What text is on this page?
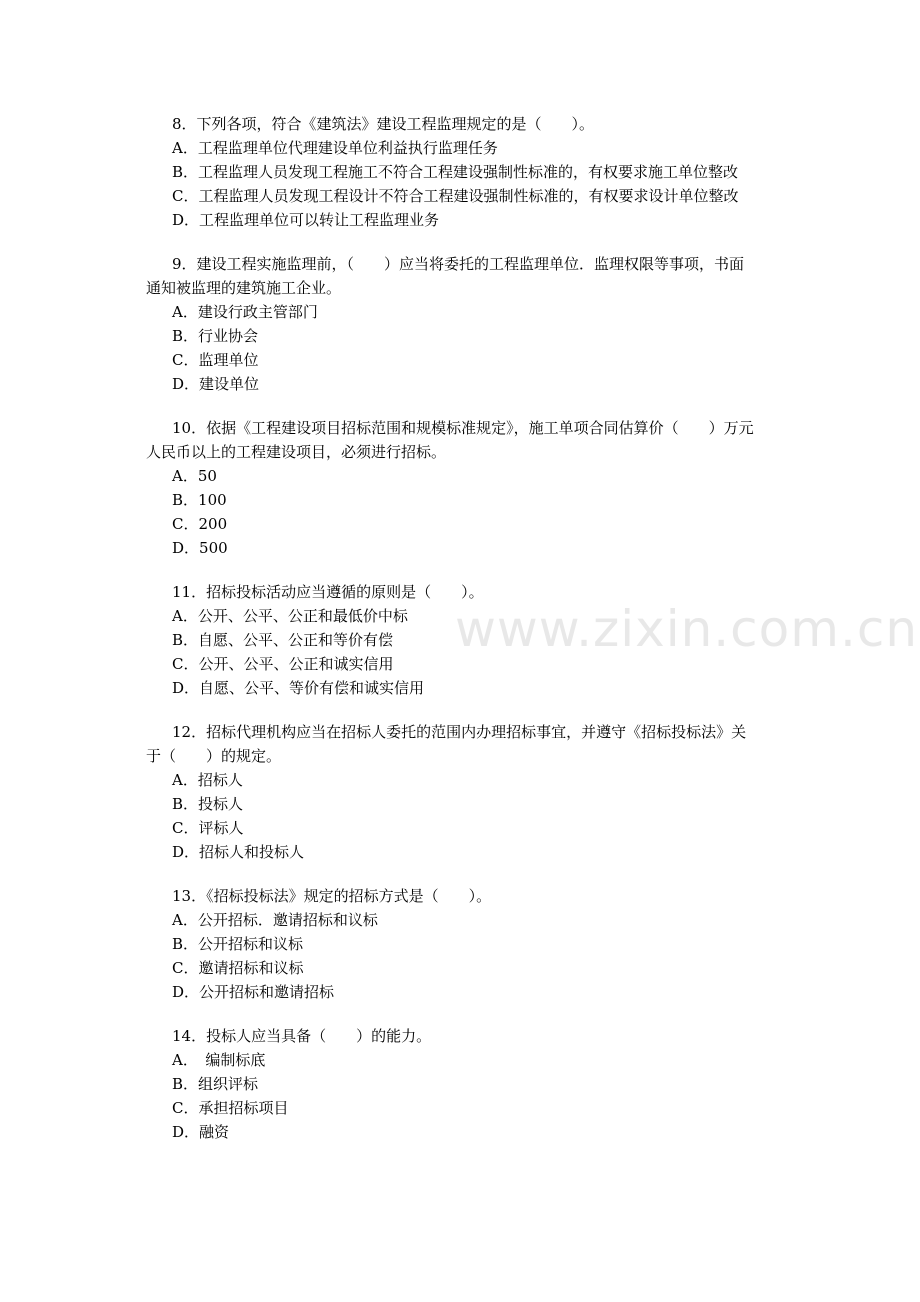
8．下列各项，符合《建筑法》建设工程监理规定的是（　　）。
A．工程监理单位代理建设单位利益执行监理任务
B．工程监理人员发现工程施工不符合工程建设强制性标准的，有权要求施工单位整改
C．工程监理人员发现工程设计不符合工程建设强制性标准的，有权要求设计单位整改
D．工程监理单位可以转让工程监理业务
9．建设工程实施监理前，（　　）应当将委托的工程监理单位．监理权限等事项，书面通知被监理的建筑施工企业。
A．建设行政主管部门
B．行业协会
C．监理单位
D．建设单位
10．依据《工程建设项目招标范围和规模标准规定》，施工单项合同估算价（　　）万元人民币以上的工程建设项目，必须进行招标。
A．50
B．100
C．200
D．500
11．招标投标活动应当遵循的原则是（　　）。
A．公开、公平、公正和最低价中标
B．自愿、公平、公正和等价有偿
C．公开、公平、公正和诚实信用
D．自愿、公平、等价有偿和诚实信用
12．招标代理机构应当在招标人委托的范围内办理招标事宜，并遵守《招标投标法》关于（　　）的规定。
A．招标人
B．投标人
C．评标人
D．招标人和投标人
13．《招标投标法》规定的招标方式是（　　）。
A．公开招标．邀请招标和议标
B．公开招标和议标
C．邀请招标和议标
D．公开招标和邀请招标
14．投标人应当具备（　　）的能力。
A．　编制标底
B．组织评标
C．承担招标项目
D．融资
www.zixin.com.cn
